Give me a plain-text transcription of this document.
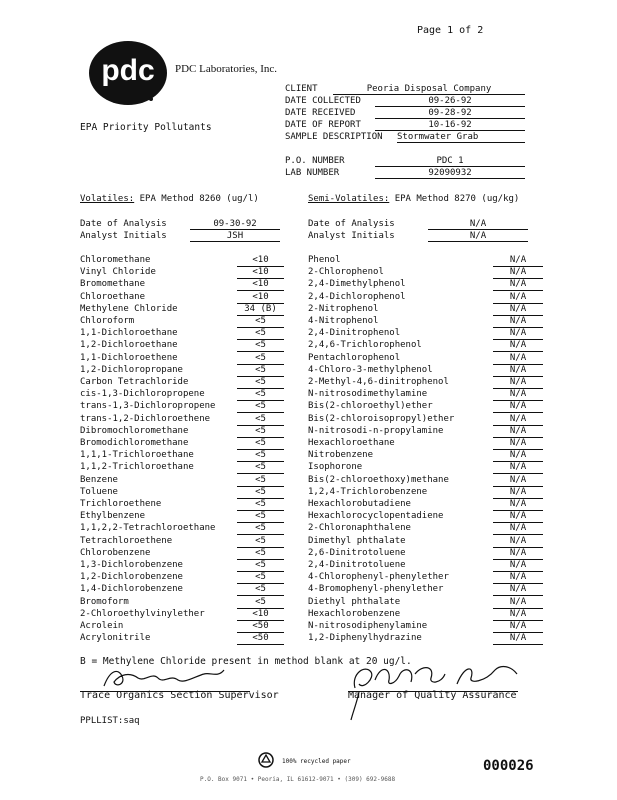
Page 1 of 2
pdc PDC Laboratories, Inc.
EPA Priority Pollutants
CLIENT	Peoria Disposal Company
DATE COLLECTED	09-26-92
DATE RECEIVED	09-28-92
DATE OF REPORT	10-16-92
SAMPLE DESCRIPTION Stormwater Grab
P.O. NUMBER	PDC 1
LAB NUMBER	92090932
Volatiles: EPA Method 8260 (ug/l)	Semi-Volatiles: EPA Method 8270 (ug/kg)
Date of Analysis	09-30-92
Analyst Initials	JSH
Date of Analysis	N/A
Analyst Initials	N/A
Chloromethane	<10
Vinyl Chloride	<10
Bromomethane	<10
Chloroethane	<10
Methylene Chloride	34 (B)
Chloroform	<5
1,1-Dichloroethane	<5
1,2-Dichloroethane	<5
1,1-Dichloroethene	<5
1,2-Dichloropropane	<5
Carbon Tetrachloride	<5
cis-1,3-Dichloropropene	<5
trans-1,3-Dichloropropene	<5
trans-1,2-Dichloroethene	<5
Dibromochloromethane	<5
Bromodichloromethane	<5
1,1,1-Trichloroethane	<5
1,1,2-Trichloroethane	<5
Benzene	<5
Toluene	<5
Trichloroethene	<5
Ethylbenzene	<5
1,1,2,2-Tetrachloroethane	<5
Tetrachloroethene	<5
Chlorobenzene	<5
1,3-Dichlorobenzene	<5
1,2-Dichlorobenzene	<5
1,4-Dichlorobenzene	<5
Bromoform	<5
2-Chloroethylvinylether	<10
Acrolein	<50
Acrylonitrile	<50
Phenol	N/A
2-Chlorophenol	N/A
2,4-Dimethylphenol	N/A
2,4-Dichlorophenol	N/A
2-Nitrophenol	N/A
4-Nitrophenol	N/A
2,4-Dinitrophenol	N/A
2,4,6-Trichlorophenol	N/A
Pentachlorophenol	N/A
4-Chloro-3-methylphenol	N/A
2-Methyl-4,6-dinitrophenol	N/A
N-nitrosodimethylamine	N/A
Bis(2-chloroethyl)ether	N/A
Bis(2-chloroisopropyl)ether	N/A
N-nitrosodi-n-propylamine	N/A
Hexachloroethane	N/A
Nitrobenzene	N/A
Isophorone	N/A
Bis(2-chloroethoxy)methane	N/A
1,2,4-Trichlorobenzene	N/A
Hexachlorobutadiene	N/A
Hexachlorocyclopentadiene	N/A
2-Chloronaphthalene	N/A
Dimethyl phthalate	N/A
2,6-Dinitrotoluene	N/A
2,4-Dinitrotoluene	N/A
4-Chlorophenyl-phenylether	N/A
4-Bromophenyl-phenylether	N/A
Diethyl phthalate	N/A
Hexachlorobenzene	N/A
N-nitrosodiphenylamine	N/A
1,2-Diphenylhydrazine	N/A
B = Methylene Chloride present in method blank at 20 ug/l.
Trace Organics Section Supervisor	Manager of Quality Assurance
PPLLIST:saq
100% recycled paper
P.O. Box 9071 • Peoria, IL 61612-9071 • (309) 692-9688
000026
